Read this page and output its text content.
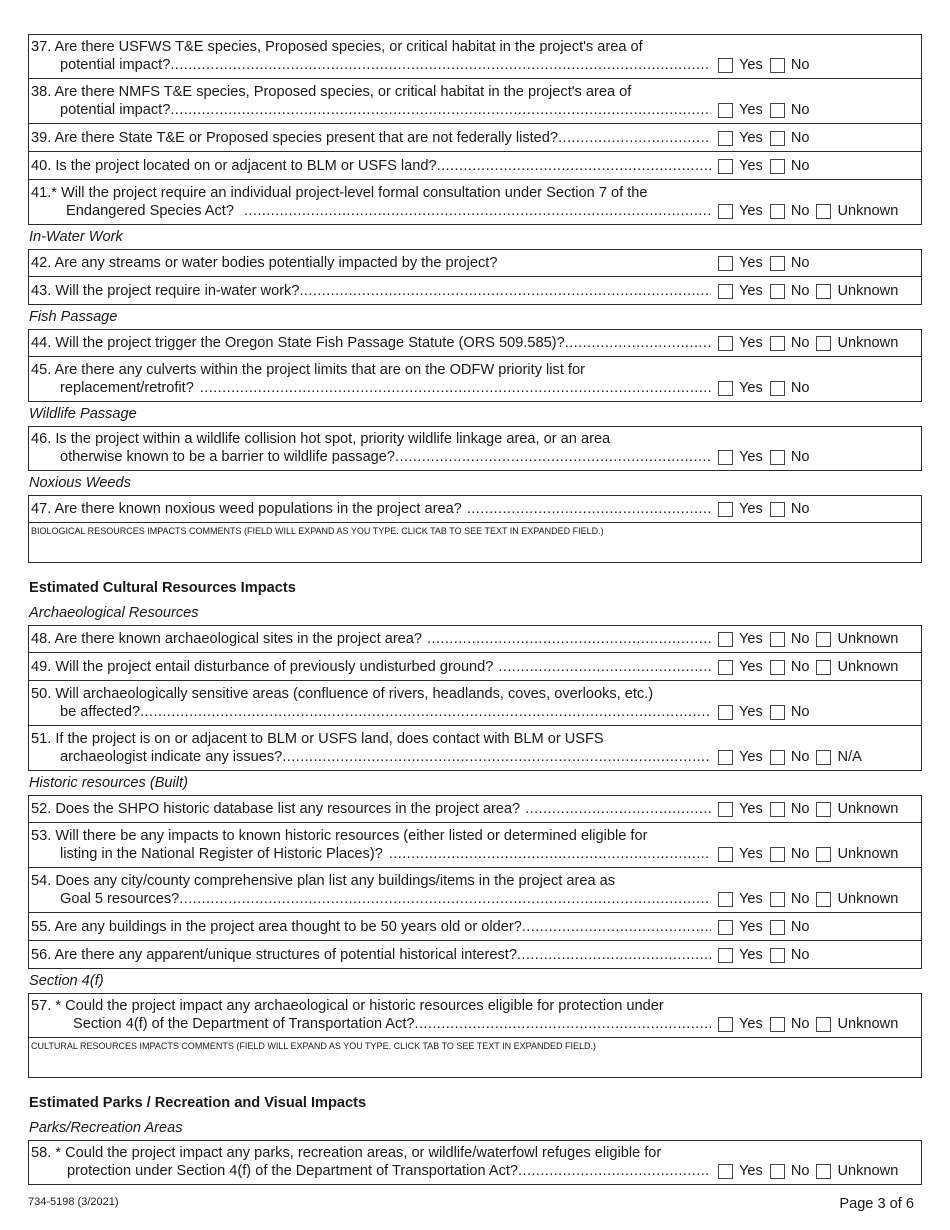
37. Are there USFWS T&E species, Proposed species, or critical habitat in the project's area of
potential impact? .....	Yes No
38. Are there NMFS T&E species, Proposed species, or critical habitat in the project's area of
potential impact? .....	Yes No
39. Are there State T&E or Proposed species present that are not federally listed? .....	Yes No
40. Is the project located on or adjacent to BLM or USFS land? .....	Yes No
41.* Will the project require an individual project-level formal consultation under Section 7 of the
Endangered Species Act? .....	Yes No Unknown
In-Water Work
42. Are any streams or water bodies potentially impacted by the project?	Yes No
43. Will the project require in-water work? .....	Yes No Unknown
Fish Passage
44. Will the project trigger the Oregon State Fish Passage Statute (ORS 509.585)? .....	Yes No Unknown
45. Are there any culverts within the project limits that are on the ODFW priority list for
replacement/retrofit? .....	Yes No
Wildlife Passage
46. Is the project within a wildlife collision hot spot, priority wildlife linkage area, or an area
otherwise known to be a barrier to wildlife passage? .....	Yes No
Noxious Weeds
47. Are there known noxious weed populations in the project area? .....	Yes No
BIOLOGICAL RESOURCES IMPACTS COMMENTS (FIELD WILL EXPAND AS YOU TYPE. CLICK TAB TO SEE TEXT IN EXPANDED FIELD.)
Estimated Cultural Resources Impacts
Archaeological Resources
48. Are there known archaeological sites in the project area? .....	Yes No Unknown
49. Will the project entail disturbance of previously undisturbed ground? .....	Yes No Unknown
50. Will archaeologically sensitive areas (confluence of rivers, headlands, coves, overlooks, etc.)
be affected? .....	Yes No
51. If the project is on or adjacent to BLM or USFS land, does contact with BLM or USFS
archaeologist indicate any issues? .....	Yes No N/A
Historic resources (Built)
52. Does the SHPO historic database list any resources in the project area? .....	Yes No Unknown
53. Will there be any impacts to known historic resources (either listed or determined eligible for
listing in the National Register of Historic Places)? .....	Yes No Unknown
54. Does any city/county comprehensive plan list any buildings/items in the project area as
Goal 5 resources? .....	Yes No Unknown
55. Are any buildings in the project area thought to be 50 years old or older? .....	Yes No
56. Are there any apparent/unique structures of potential historical interest? .....	Yes No
Section 4(f)
57. * Could the project impact any archaeological or historic resources eligible for protection under
Section 4(f) of the Department of Transportation Act? .....	Yes No Unknown
CULTURAL RESOURCES IMPACTS COMMENTS (FIELD WILL EXPAND AS YOU TYPE. CLICK TAB TO SEE TEXT IN EXPANDED FIELD.)
Estimated Parks / Recreation and Visual Impacts
Parks/Recreation Areas
58. * Could the project impact any parks, recreation areas, or wildlife/waterfowl refuges eligible for
protection under Section 4(f) of the Department of Transportation Act? .....	Yes No Unknown
734-5198 (3/2021)	Page 3 of 6
